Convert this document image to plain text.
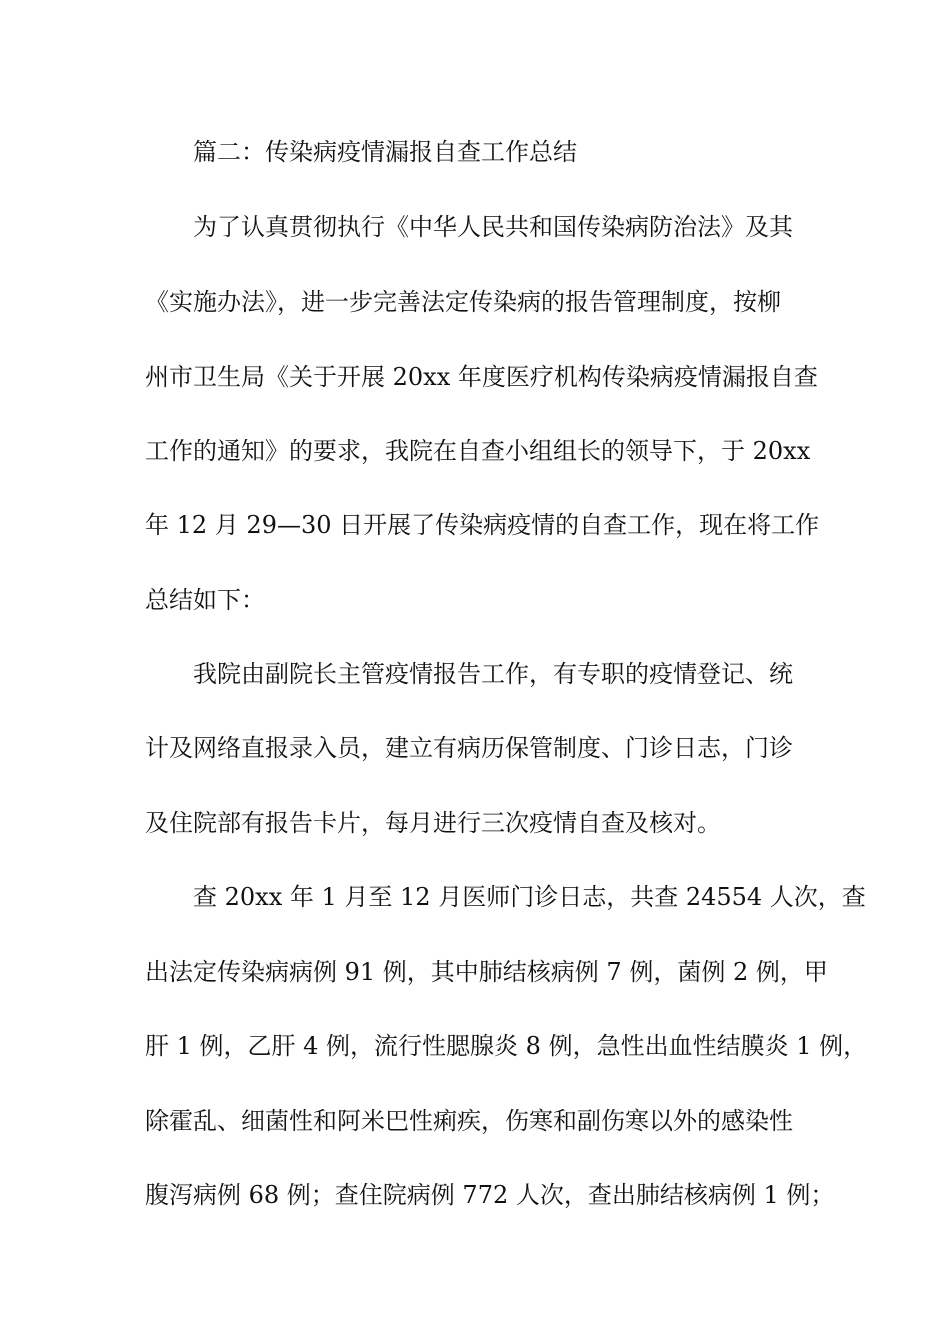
篇二：传染病疫情漏报自查工作总结
为了认真贯彻执行《中华人民共和国传染病防治法》及其
《实施办法》，进一步完善法定传染病的报告管理制度，按柳
州市卫生局《关于开展 20xx 年度医疗机构传染病疫情漏报自查
工作的通知》的要求，我院在自查小组组长的领导下，于 20xx
年 12 月 29—30 日开展了传染病疫情的自查工作，现在将工作
总结如下：
我院由副院长主管疫情报告工作，有专职的疫情登记、统
计及网络直报录入员，建立有病历保管制度、门诊日志，门诊
及住院部有报告卡片，每月进行三次疫情自查及核对。
查 20xx 年 1 月至 12 月医师门诊日志，共查 24554 人次，查
出法定传染病病例 91 例，其中肺结核病例 7 例，菌例 2 例，甲
肝 1 例，乙肝 4 例，流行性腮腺炎 8 例，急性出血性结膜炎 1 例，
除霍乱、细菌性和阿米巴性痢疾，伤寒和副伤寒以外的感染性
腹泻病例 68 例；查住院病例 772 人次，查出肺结核病例 1 例；
